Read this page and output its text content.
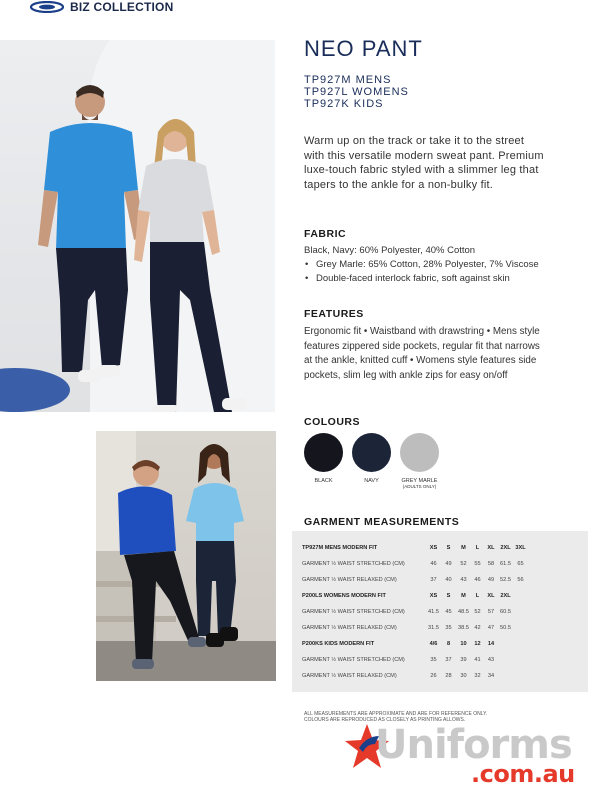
BIZ COLLECTION
NEO PANT
TP927M MENS
TP927L WOMENS
TP927K KIDS
Warm up on the track or take it to the street with this versatile modern sweat pant. Premium luxe-touch fabric styled with a slimmer leg that tapers to the ankle for a non-bulky fit.
FABRIC
Black, Navy: 60% Polyester, 40% Cotton
• Grey Marle: 65% Cotton, 28% Polyester, 7% Viscose
• Double-faced interlock fabric, soft against skin
FEATURES
Ergonomic fit • Waistband with drawstring • Mens style features zippered side pockets, regular fit that narrows at the ankle, knitted cuff • Womens style features side pockets, slim leg with ankle zips for easy on/off
COLOURS
BLACK	NAVY	GREY MARLE
(ADULTS ONLY)
GARMENT MEASUREMENTS
TP927M MENS MODERN FIT	XS	S	M	L	XL	2XL 3XL
GARMENT ½ WAIST STRETCHED (CM)	46	49	52	55	58	61.5	65
GARMENT ½ WAIST RELAXED (CM)	37	40	43	46	49	52.5	56
P200LS WOMENS MODERN FIT	XS	S	M	L	XL	2XL
GARMENT ½ WAIST STRETCHED (CM)	41.5	45	48.5 52	57	60.5
GARMENT ½ WAIST RELAXED (CM)	31.5	35	38.5 42	47	50.5
P200KS KIDS MODERN FIT	4/6	8	10	12	14
GARMENT ½ WAIST STRETCHED (CM)	35	37	39	41	43
GARMENT ½ WAIST RELAXED (CM)	26	28	30	32	34
ALL MEASUREMENTS ARE APPROXIMATE AND ARE FOR REFERENCE ONLY.
COLOURS ARE REPRODUCED AS CLOSELY AS PRINTING ALLOWS.
Uniforms
.com.au
